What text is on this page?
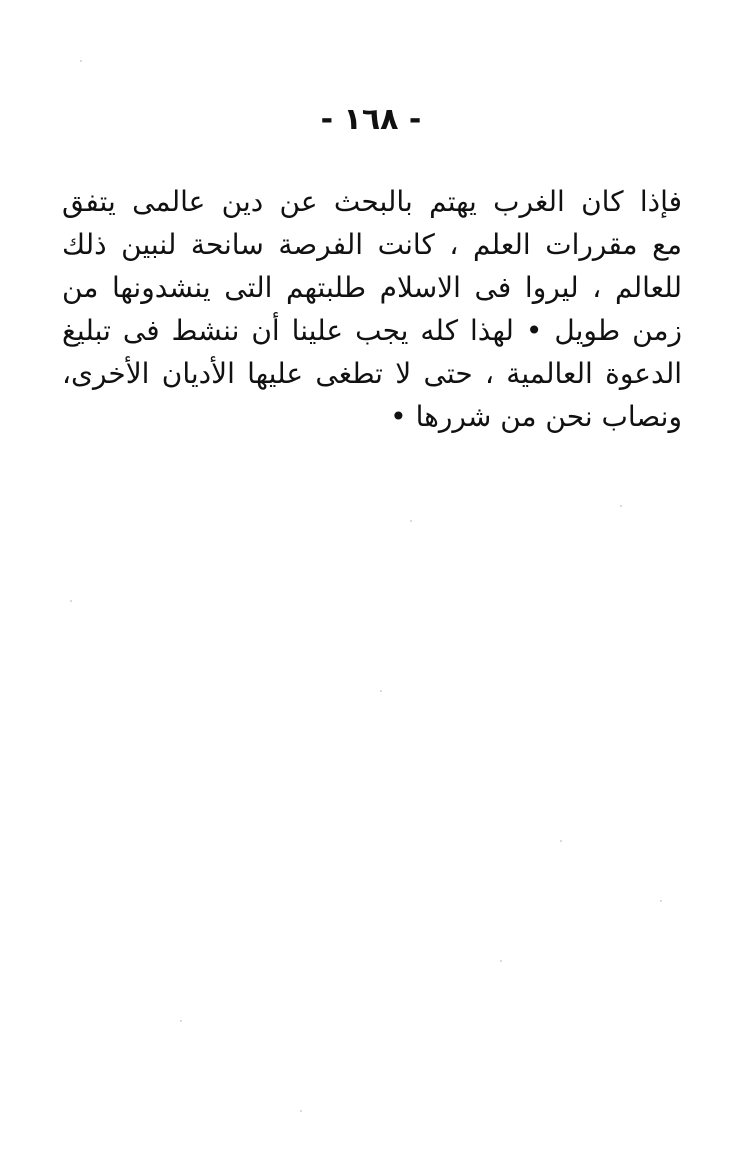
- ١٦٨ -
فإذا كان الغرب يهتم بالبحث عن دين عالمى يتفق
مع مقررات العلم ، كانت الفرصة سانحة لنبين ذلك
للعالم ، ليروا فى الاسلام طلبتهم التى ينشدونها من
زمن طويل • لهذا كله يجب علينا أن ننشط فى تبليغ
الدعوة العالمية ، حتى لا تطغى عليها الأديان الأخرى،
ونصاب نحن من شررها •
